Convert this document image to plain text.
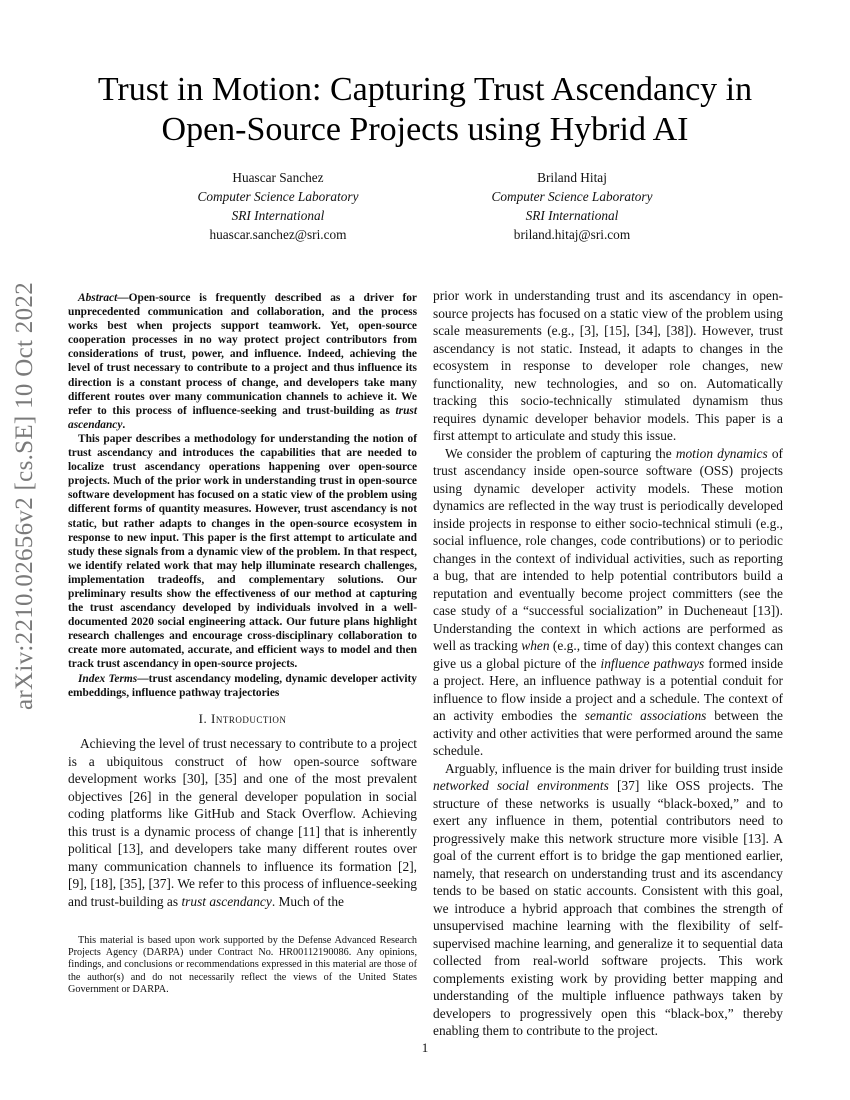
arXiv:2210.02656v2 [cs.SE] 10 Oct 2022
Trust in Motion: Capturing Trust Ascendancy in
Open-Source Projects using Hybrid AI
Huascar Sanchez
Computer Science Laboratory
SRI International
huascar.sanchez@sri.com
Briland Hitaj
Computer Science Laboratory
SRI International
briland.hitaj@sri.com

Abstract—Open-source is frequently described as a driver for unprecedented communication and collaboration, and the process works best when projects support teamwork. Yet, open-source cooperation processes in no way protect project contributors from considerations of trust, power, and influence. Indeed, achieving the level of trust necessary to contribute to a project and thus influence its direction is a constant process of change, and developers take many different routes over many communication channels to achieve it. We refer to this process of influence-seeking and trust-building as trust ascendancy.

This paper describes a methodology for understanding the notion of trust ascendancy and introduces the capabilities that are needed to localize trust ascendancy operations happening over open-source projects. Much of the prior work in understanding trust in open-source software development has focused on a static view of the problem using different forms of quantity measures. However, trust ascendancy is not static, but rather adapts to changes in the open-source ecosystem in response to new input. This paper is the first attempt to articulate and study these signals from a dynamic view of the problem. In that respect, we identify related work that may help illuminate research challenges, implementation tradeoffs, and complementary solutions. Our preliminary results show the effectiveness of our method at capturing the trust ascendancy developed by individuals involved in a well-documented 2020 social engineering attack. Our future plans highlight research challenges and encourage cross-disciplinary collaboration to create more automated, accurate, and efficient ways to model and then track trust ascendancy in open-source projects.

Index Terms—trust ascendancy modeling, dynamic developer activity embeddings, influence pathway trajectories

I. Introduction

Achieving the level of trust necessary to contribute to a project is a ubiquitous construct of how open-source software development works [30], [35] and one of the most prevalent objectives [26] in the general developer population in social coding platforms like GitHub and Stack Overflow. Achieving this trust is a dynamic process of change [11] that is inherently political [13], and developers take many different routes over many communication channels to influence its formation [2], [9], [18], [35], [37]. We refer to this process of influence-seeking and trust-building as trust ascendancy. Much of the

This material is based upon work supported by the Defense Advanced Research Projects Agency (DARPA) under Contract No. HR00112190086. Any opinions, findings, and conclusions or recommendations expressed in this material are those of the author(s) and do not necessarily reflect the views of the United States Government or DARPA.

prior work in understanding trust and its ascendancy in open-source projects has focused on a static view of the problem using scale measurements (e.g., [3], [15], [34], [38]). However, trust ascendancy is not static. Instead, it adapts to changes in the ecosystem in response to developer role changes, new functionality, new technologies, and so on. Automatically tracking this socio-technically stimulated dynamism thus requires dynamic developer behavior models. This paper is a first attempt to articulate and study this issue.

We consider the problem of capturing the motion dynamics of trust ascendancy inside open-source software (OSS) projects using dynamic developer activity models. These motion dynamics are reflected in the way trust is periodically developed inside projects in response to either socio-technical stimuli (e.g., social influence, role changes, code contributions) or to periodic changes in the context of individual activities, such as reporting a bug, that are intended to help potential contributors build a reputation and eventually become project committers (see the case study of a “successful socialization” in Ducheneaut [13]). Understanding the context in which actions are performed as well as tracking when (e.g., time of day) this context changes can give us a global picture of the influence pathways formed inside a project. Here, an influence pathway is a potential conduit for influence to flow inside a project and a schedule. The context of an activity embodies the semantic associations between the activity and other activities that were performed around the same schedule.

Arguably, influence is the main driver for building trust inside networked social environments [37] like OSS projects. The structure of these networks is usually “black-boxed,” and to exert any influence in them, potential contributors need to progressively make this network structure more visible [13]. A goal of the current effort is to bridge the gap mentioned earlier, namely, that research on understanding trust and its ascendancy tends to be based on static accounts. Consistent with this goal, we introduce a hybrid approach that combines the strength of unsupervised machine learning with the flexibility of self-supervised machine learning, and generalize it to sequential data collected from real-world software projects. This work complements existing work by providing better mapping and understanding of the multiple influence pathways taken by developers to progressively open this “black-box,” thereby enabling them to contribute to the project.

1
